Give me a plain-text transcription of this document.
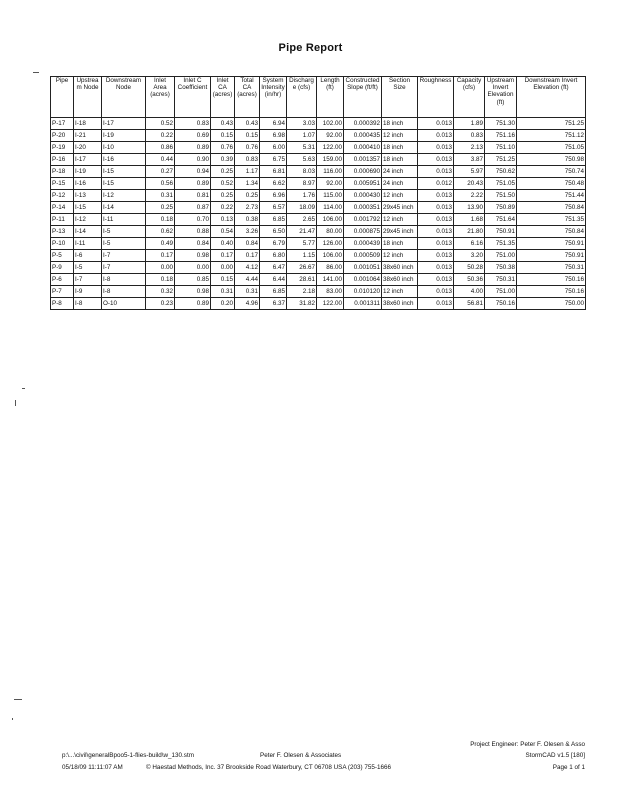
Pipe Report
Pipe	Upstream Node	Downstream Node	Inlet Area (acres)	Inlet C Coefficient	Inlet CA (acres)	Total CA (acres)	System Intensity (in/hr)	Discharge (cfs)	Length (ft)	Constructed Slope (ft/ft)	Section Size	Roughness	Capacity (cfs)	Upstream Invert Elevation (ft)	Downstream Invert Elevation (ft)
P-17	I-18	I-17	0.52	0.83	0.43	0.43	6.94	3.03	102.00	0.000392	18 inch	0.013	1.89	751.30	751.25
P-20	I-21	I-19	0.22	0.69	0.15	0.15	6.98	1.07	92.00	0.000435	12 inch	0.013	0.83	751.16	751.12
P-19	I-20	I-10	0.86	0.89	0.76	0.76	6.00	5.31	122.00	0.000410	18 inch	0.013	2.13	751.10	751.05
P-16	I-17	I-16	0.44	0.90	0.39	0.83	6.75	5.63	159.00	0.001357	18 inch	0.013	3.87	751.25	750.98
P-18	I-19	I-15	0.27	0.94	0.25	1.17	6.81	8.03	116.00	0.000690	24 inch	0.013	5.97	750.62	750.74
P-15	I-16	I-15	0.56	0.89	0.52	1.34	6.62	8.97	92.00	0.005951	24 inch	0.012	20.43	751.05	750.48
P-12	I-13	I-12	0.31	0.81	0.25	0.25	6.96	1.76	115.00	0.000430	12 inch	0.013	2.22	751.50	751.44
P-14	I-15	I-14	0.25	0.87	0.22	2.73	6.57	18.09	114.00	0.000351	29x45 inch	0.013	13.90	750.89	750.84
P-11	I-12	I-11	0.18	0.70	0.13	0.38	6.85	2.65	106.00	0.001792	12 inch	0.013	1.68	751.64	751.35
P-13	I-14	I-5	0.62	0.88	0.54	3.26	6.50	21.47	80.00	0.000875	29x45 inch	0.013	21.80	750.91	750.84
P-10	I-11	I-5	0.49	0.84	0.40	0.84	6.79	5.77	126.00	0.000439	18 inch	0.013	6.16	751.35	750.91
P-5	I-6	I-7	0.17	0.98	0.17	0.17	6.80	1.15	106.00	0.000509	12 inch	0.013	3.20	751.00	750.91
P-9	I-5	I-7	0.00	0.00	0.00	4.12	6.47	26.67	86.00	0.001051	38x60 inch	0.013	50.28	750.38	750.31
P-6	I-7	I-8	0.18	0.85	0.15	4.44	6.44	28.61	141.00	0.001064	38x60 inch	0.013	50.36	750.31	750.16
P-7	I-9	I-8	0.32	0.98	0.31	0.31	6.85	2.18	83.00	0.010120	12 inch	0.013	4.00	751.00	750.16
P-8	I-8	O-10	0.23	0.89	0.20	4.96	6.37	31.82	122.00	0.001311	38x60 inch	0.013	56.81	750.16	750.00
Project Engineer: Peter F. Olesen & Asso
p:\...\civil\generalBpoo5-1-flies-build\w_130.stm	Peter F. Olesen & Associates	StormCAD v1.5 [180]
05/18/09 11:11:07 AM	© Haestad Methods, Inc. 37 Brookside Road Waterbury, CT 06708 USA (203) 755-1666	Page 1 of 1
